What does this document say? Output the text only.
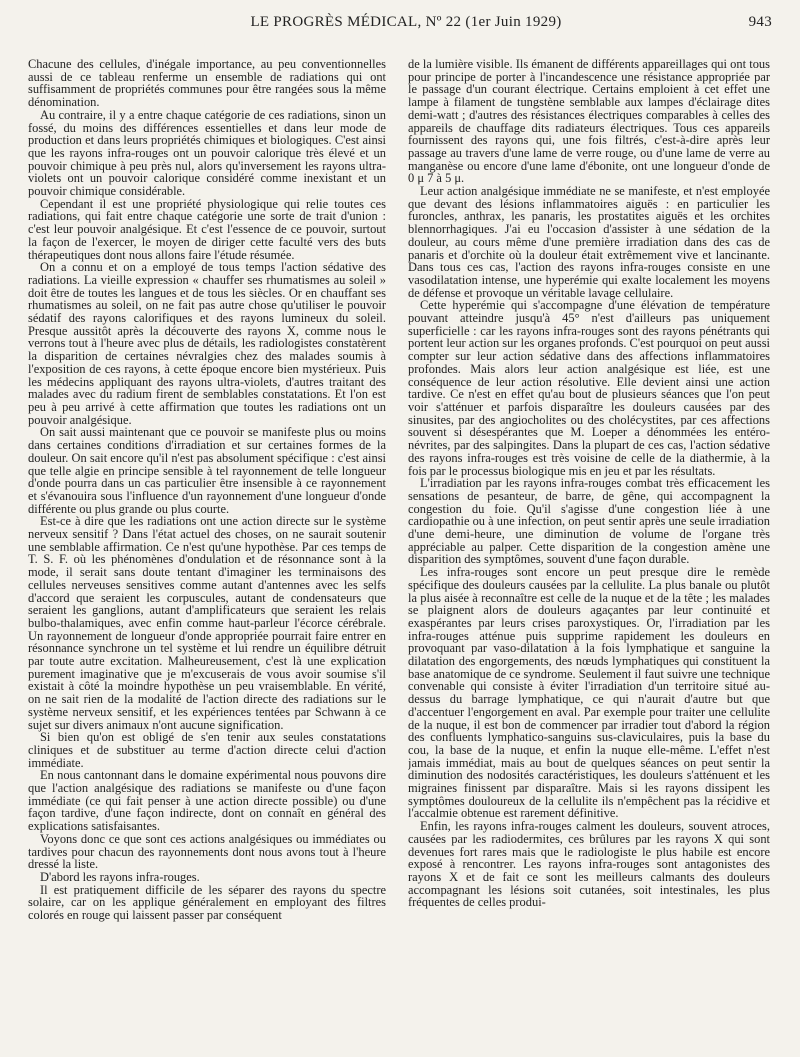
LE PROGRÈS MÉDICAL, Nº 22 (1er Juin 1929)	943

Chacune des cellules, d'inégale importance, au peu conventionnelles aussi de ce tableau renferme un ensemble de radiations qui ont suffisamment de propriétés communes pour être rangées sous la même dénomination.

Au contraire, il y a entre chaque catégorie de ces radiations, sinon un fossé, du moins des différences essentielles et dans leur mode de production et dans leurs propriétés chimiques et biologiques. C'est ainsi que les rayons infra-rouges ont un pouvoir calorique très élevé et un pouvoir chimique à peu près nul, alors qu'inversement les rayons ultra-violets ont un pouvoir calorique considéré comme inexistant et un pouvoir chimique considérable.

Cependant il est une propriété physiologique qui relie toutes ces radiations, qui fait entre chaque catégorie une sorte de trait d'union : c'est leur pouvoir analgésique. Et c'est l'essence de ce pouvoir, surtout la façon de l'exercer, le moyen de diriger cette faculté vers des buts thérapeutiques dont nous allons faire l'étude résumée.

On a connu et on a employé de tous temps l'action sédative des radiations. La vieille expression « chauffer ses rhumatismes au soleil » doit être de toutes les langues et de tous les siècles. Or en chauffant ses rhumatismes au soleil, on ne fait pas autre chose qu'utiliser le pouvoir sédatif des rayons calorifiques et des rayons lumineux du soleil. Presque aussitôt après la découverte des rayons X, comme nous le verrons tout à l'heure avec plus de détails, les radiologistes constatèrent la disparition de certaines névralgies chez des malades soumis à l'exposition de ces rayons, à cette époque encore bien mystérieux. Puis les médecins appliquant des rayons ultra-violets, d'autres traitant des malades avec du radium firent de semblables constatations. Et l'on est peu à peu arrivé à cette affirmation que toutes les radiations ont un pouvoir analgésique.

On sait aussi maintenant que ce pouvoir se manifeste plus ou moins dans certaines conditions d'irradiation et sur certaines formes de la douleur. On sait encore qu'il n'est pas absolument spécifique : c'est ainsi que telle algie en principe sensible à tel rayonnement de telle longueur d'onde pourra dans un cas particulier être insensible à ce rayonnement et s'évanouira sous l'influence d'un rayonnement d'une longueur d'onde différente ou plus grande ou plus courte.

Est-ce à dire que les radiations ont une action directe sur le système nerveux sensitif ? Dans l'état actuel des choses, on ne saurait soutenir une semblable affirmation. Ce n'est qu'une hypothèse. Par ces temps de T. S. F. où les phénomènes d'ondulation et de résonnance sont à la mode, il serait sans doute tentant d'imaginer les terminaisons des cellules nerveuses sensitives comme autant d'antennes avec les selfs d'accord que seraient les corpuscules, autant de condensateurs que seraient les ganglions, autant d'amplificateurs que seraient les relais bulbo-thalamiques, avec enfin comme haut-parleur l'écorce cérébrale. Un rayonnement de longueur d'onde appropriée pourrait faire entrer en résonnance synchrone un tel système et lui rendre un équilibre détruit par toute autre excitation. Malheureusement, c'est là une explication purement imaginative que je m'excuserais de vous avoir soumise s'il existait à côté la moindre hypothèse un peu vraisemblable. En vérité, on ne sait rien de la modalité de l'action directe des radiations sur le système nerveux sensitif, et les expériences tentées par Schwann à ce sujet sur divers animaux n'ont aucune signification.

Si bien qu'on est obligé de s'en tenir aux seules constatations cliniques et de substituer au terme d'action directe celui d'action immédiate.

En nous cantonnant dans le domaine expérimental nous pouvons dire que l'action analgésique des radiations se manifeste ou d'une façon immédiate (ce qui fait penser à une action directe possible) ou d'une façon tardive, d'une façon indirecte, dont on connaît en général des explications satisfaisantes.

Voyons donc ce que sont ces actions analgésiques ou immédiates ou tardives pour chacun des rayonnements dont nous avons tout à l'heure dressé la liste.

D'abord les rayons infra-rouges.

Il est pratiquement difficile de les séparer des rayons du spectre solaire, car on les applique généralement en employant des filtres colorés en rouge qui laissent passer par conséquent

de la lumière visible. Ils émanent de différents appareillages qui ont tous pour principe de porter à l'incandescence une résistance appropriée par le passage d'un courant électrique. Certains emploient à cet effet une lampe à filament de tungstène semblable aux lampes d'éclairage dites demi-watt ; d'autres des résistances électriques comparables à celles des appareils de chauffage dits radiateurs électriques. Tous ces appareils fournissent des rayons qui, une fois filtrés, c'est-à-dire après leur passage au travers d'une lame de verre rouge, ou d'une lame de verre au manganèse ou encore d'une lame d'ébonite, ont une longueur d'onde de 0 μ 7 à 5 μ.

Leur action analgésique immédiate ne se manifeste, et n'est employée que devant des lésions inflammatoires aiguës : en particulier les furoncles, anthrax, les panaris, les prostatites aiguës et les orchites blennorrhagiques. J'ai eu l'occasion d'assister à une sédation de la douleur, au cours même d'une première irradiation dans des cas de panaris et d'orchite où la douleur était extrêmement vive et lancinante. Dans tous ces cas, l'action des rayons infra-rouges consiste en une vasodilatation intense, une hyperémie qui exalte localement les moyens de défense et provoque un véritable lavage cellulaire.

Cette hyperémie qui s'accompagne d'une élévation de température pouvant atteindre jusqu'à 45° n'est d'ailleurs pas uniquement superficielle : car les rayons infra-rouges sont des rayons pénétrants qui portent leur action sur les organes profonds. C'est pourquoi on peut aussi compter sur leur action sédative dans des affections inflammatoires profondes. Mais alors leur action analgésique est liée, est une conséquence de leur action résolutive. Elle devient ainsi une action tardive. Ce n'est en effet qu'au bout de plusieurs séances que l'on peut voir s'atténuer et parfois disparaître les douleurs causées par des sinusites, par des angiocholites ou des cholécystites, par ces affections souvent si désespérantes que M. Loeper a dénommées les entéro-névrites, par des salpingites. Dans la plupart de ces cas, l'action sédative des rayons infra-rouges est très voisine de celle de la diathermie, à la fois par le processus biologique mis en jeu et par les résultats.

L'irradiation par les rayons infra-rouges combat très efficacement les sensations de pesanteur, de barre, de gêne, qui accompagnent la congestion du foie. Qu'il s'agisse d'une congestion liée à une cardiopathie ou à une infection, on peut sentir après une seule irradiation d'une demi-heure, une diminution de volume de l'organe très appréciable au palper. Cette disparition de la congestion amène une disparition des symptômes, souvent d'une façon durable.

Les infra-rouges sont encore un peut presque dire le remède spécifique des douleurs causées par la cellulite. La plus banale ou plutôt la plus aisée à reconnaître est celle de la nuque et de la tête ; les malades se plaignent alors de douleurs agaçantes par leur continuité et exaspérantes par leurs crises paroxystiques. Or, l'irradiation par les infra-rouges atténue puis supprime rapidement les douleurs en provoquant par vaso-dilatation à la fois lymphatique et sanguine la dilatation des engorgements, des nœuds lymphatiques qui constituent la base anatomique de ce syndrome. Seulement il faut suivre une technique convenable qui consiste à éviter l'irradiation d'un territoire situé au-dessus du barrage lymphatique, ce qui n'aurait d'autre but que d'accentuer l'engorgement en aval. Par exemple pour traiter une cellulite de la nuque, il est bon de commencer par irradier tout d'abord la région des confluents lymphatico-sanguins sus-claviculaires, puis la base du cou, la base de la nuque, et enfin la nuque elle-même. L'effet n'est jamais immédiat, mais au bout de quelques séances on peut sentir la diminution des nodosités caractéristiques, les douleurs s'atténuent et les migraines finissent par disparaître. Mais si les rayons dissipent les symptômes douloureux de la cellulite ils n'empêchent pas la récidive et l'accalmie obtenue est rarement définitive.

Enfin, les rayons infra-rouges calment les douleurs, souvent atroces, causées par les radiodermites, ces brûlures par les rayons X qui sont devenues fort rares mais que le radiologiste le plus habile est encore exposé à rencontrer. Les rayons infra-rouges sont antagonistes des rayons X et de fait ce sont les meilleurs calmants des douleurs accompagnant les lésions soit cutanées, soit intestinales, les plus fréquentes de celles produi-
